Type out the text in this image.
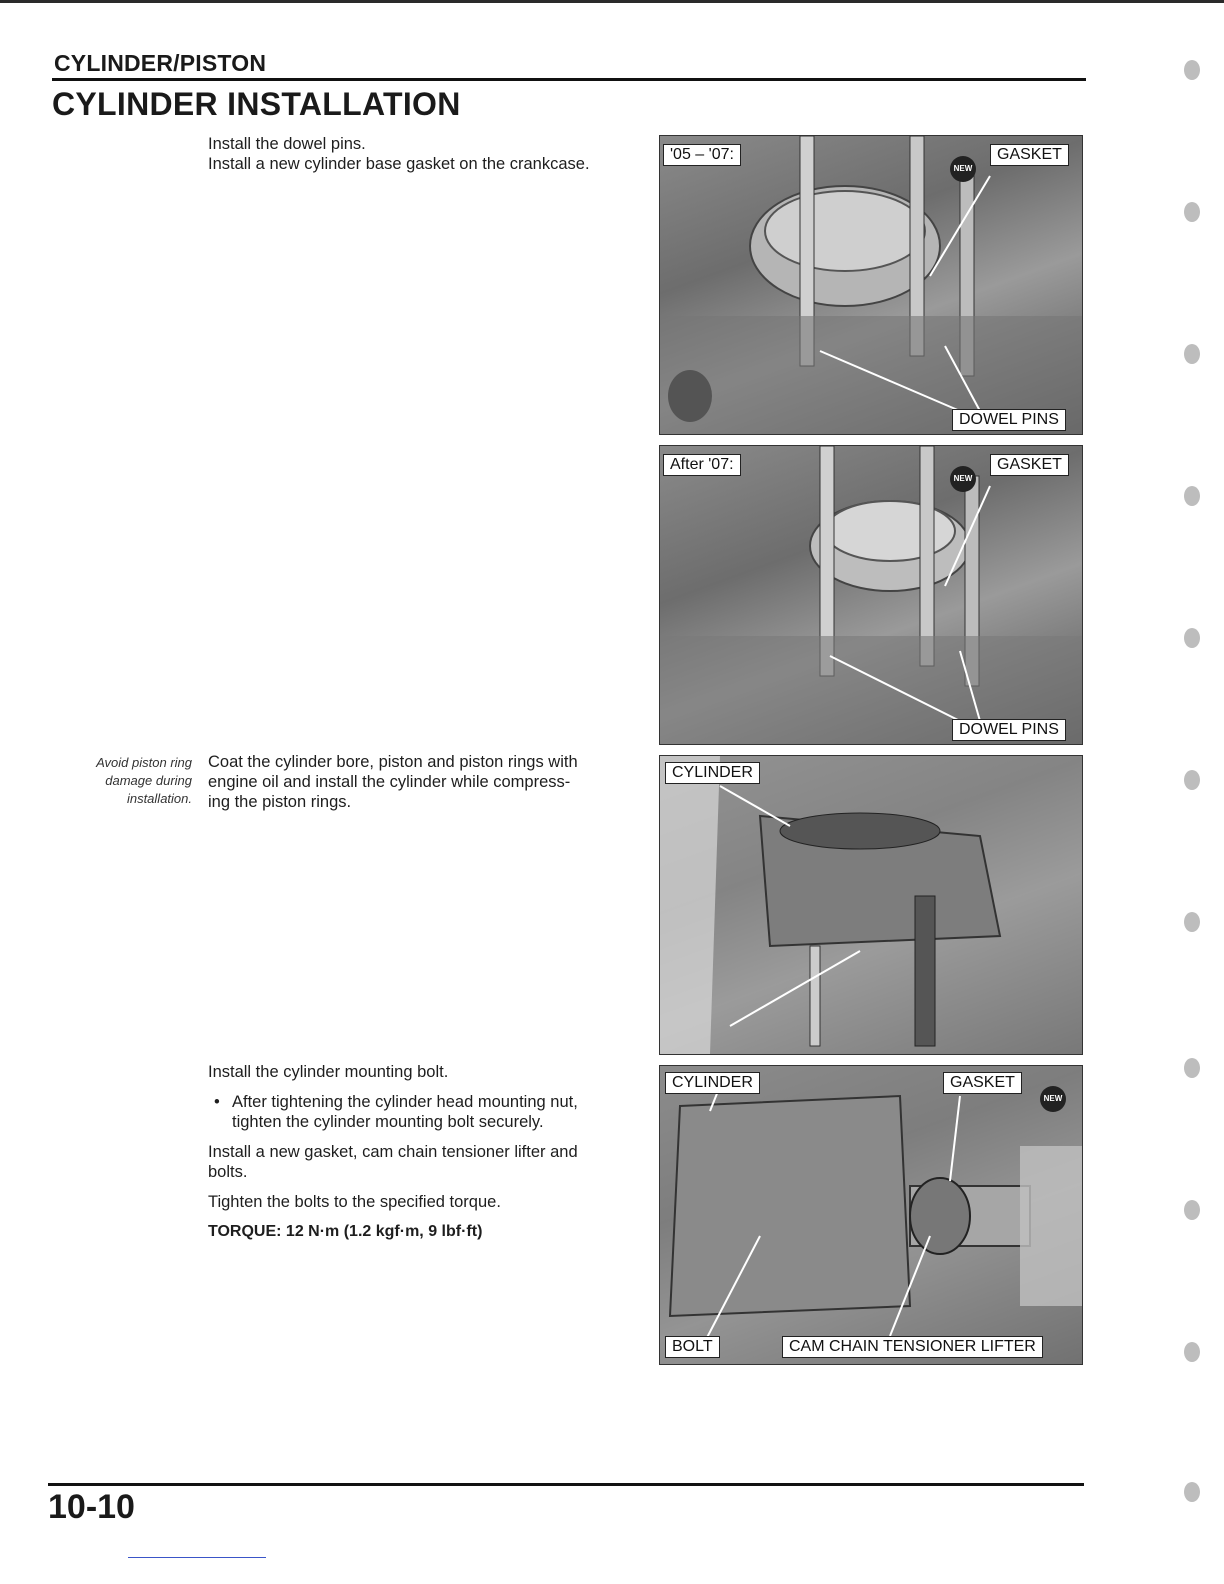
CYLINDER/PISTON
CYLINDER INSTALLATION
Install the dowel pins.
Install a new cylinder base gasket on the crankcase.
Avoid piston ring
damage during
installation.
Coat the cylinder bore, piston and piston rings with
engine oil and install the cylinder while compress-
ing the piston rings.
Install the cylinder mounting bolt.
• After tightening the cylinder head mounting nut,
tighten the cylinder mounting bolt securely.
Install a new gasket, cam chain tensioner lifter and
bolts.
Tighten the bolts to the specified torque.
TORQUE: 12 N·m (1.2 kgf·m, 9 lbf·ft)
'05 – '07:
NEW
GASKET
DOWEL PINS
After '07:
NEW
GASKET
DOWEL PINS
CYLINDER
CYLINDER	GASKET
NEW
BOLT	CAM CHAIN TENSIONER LIFTER
10-10
